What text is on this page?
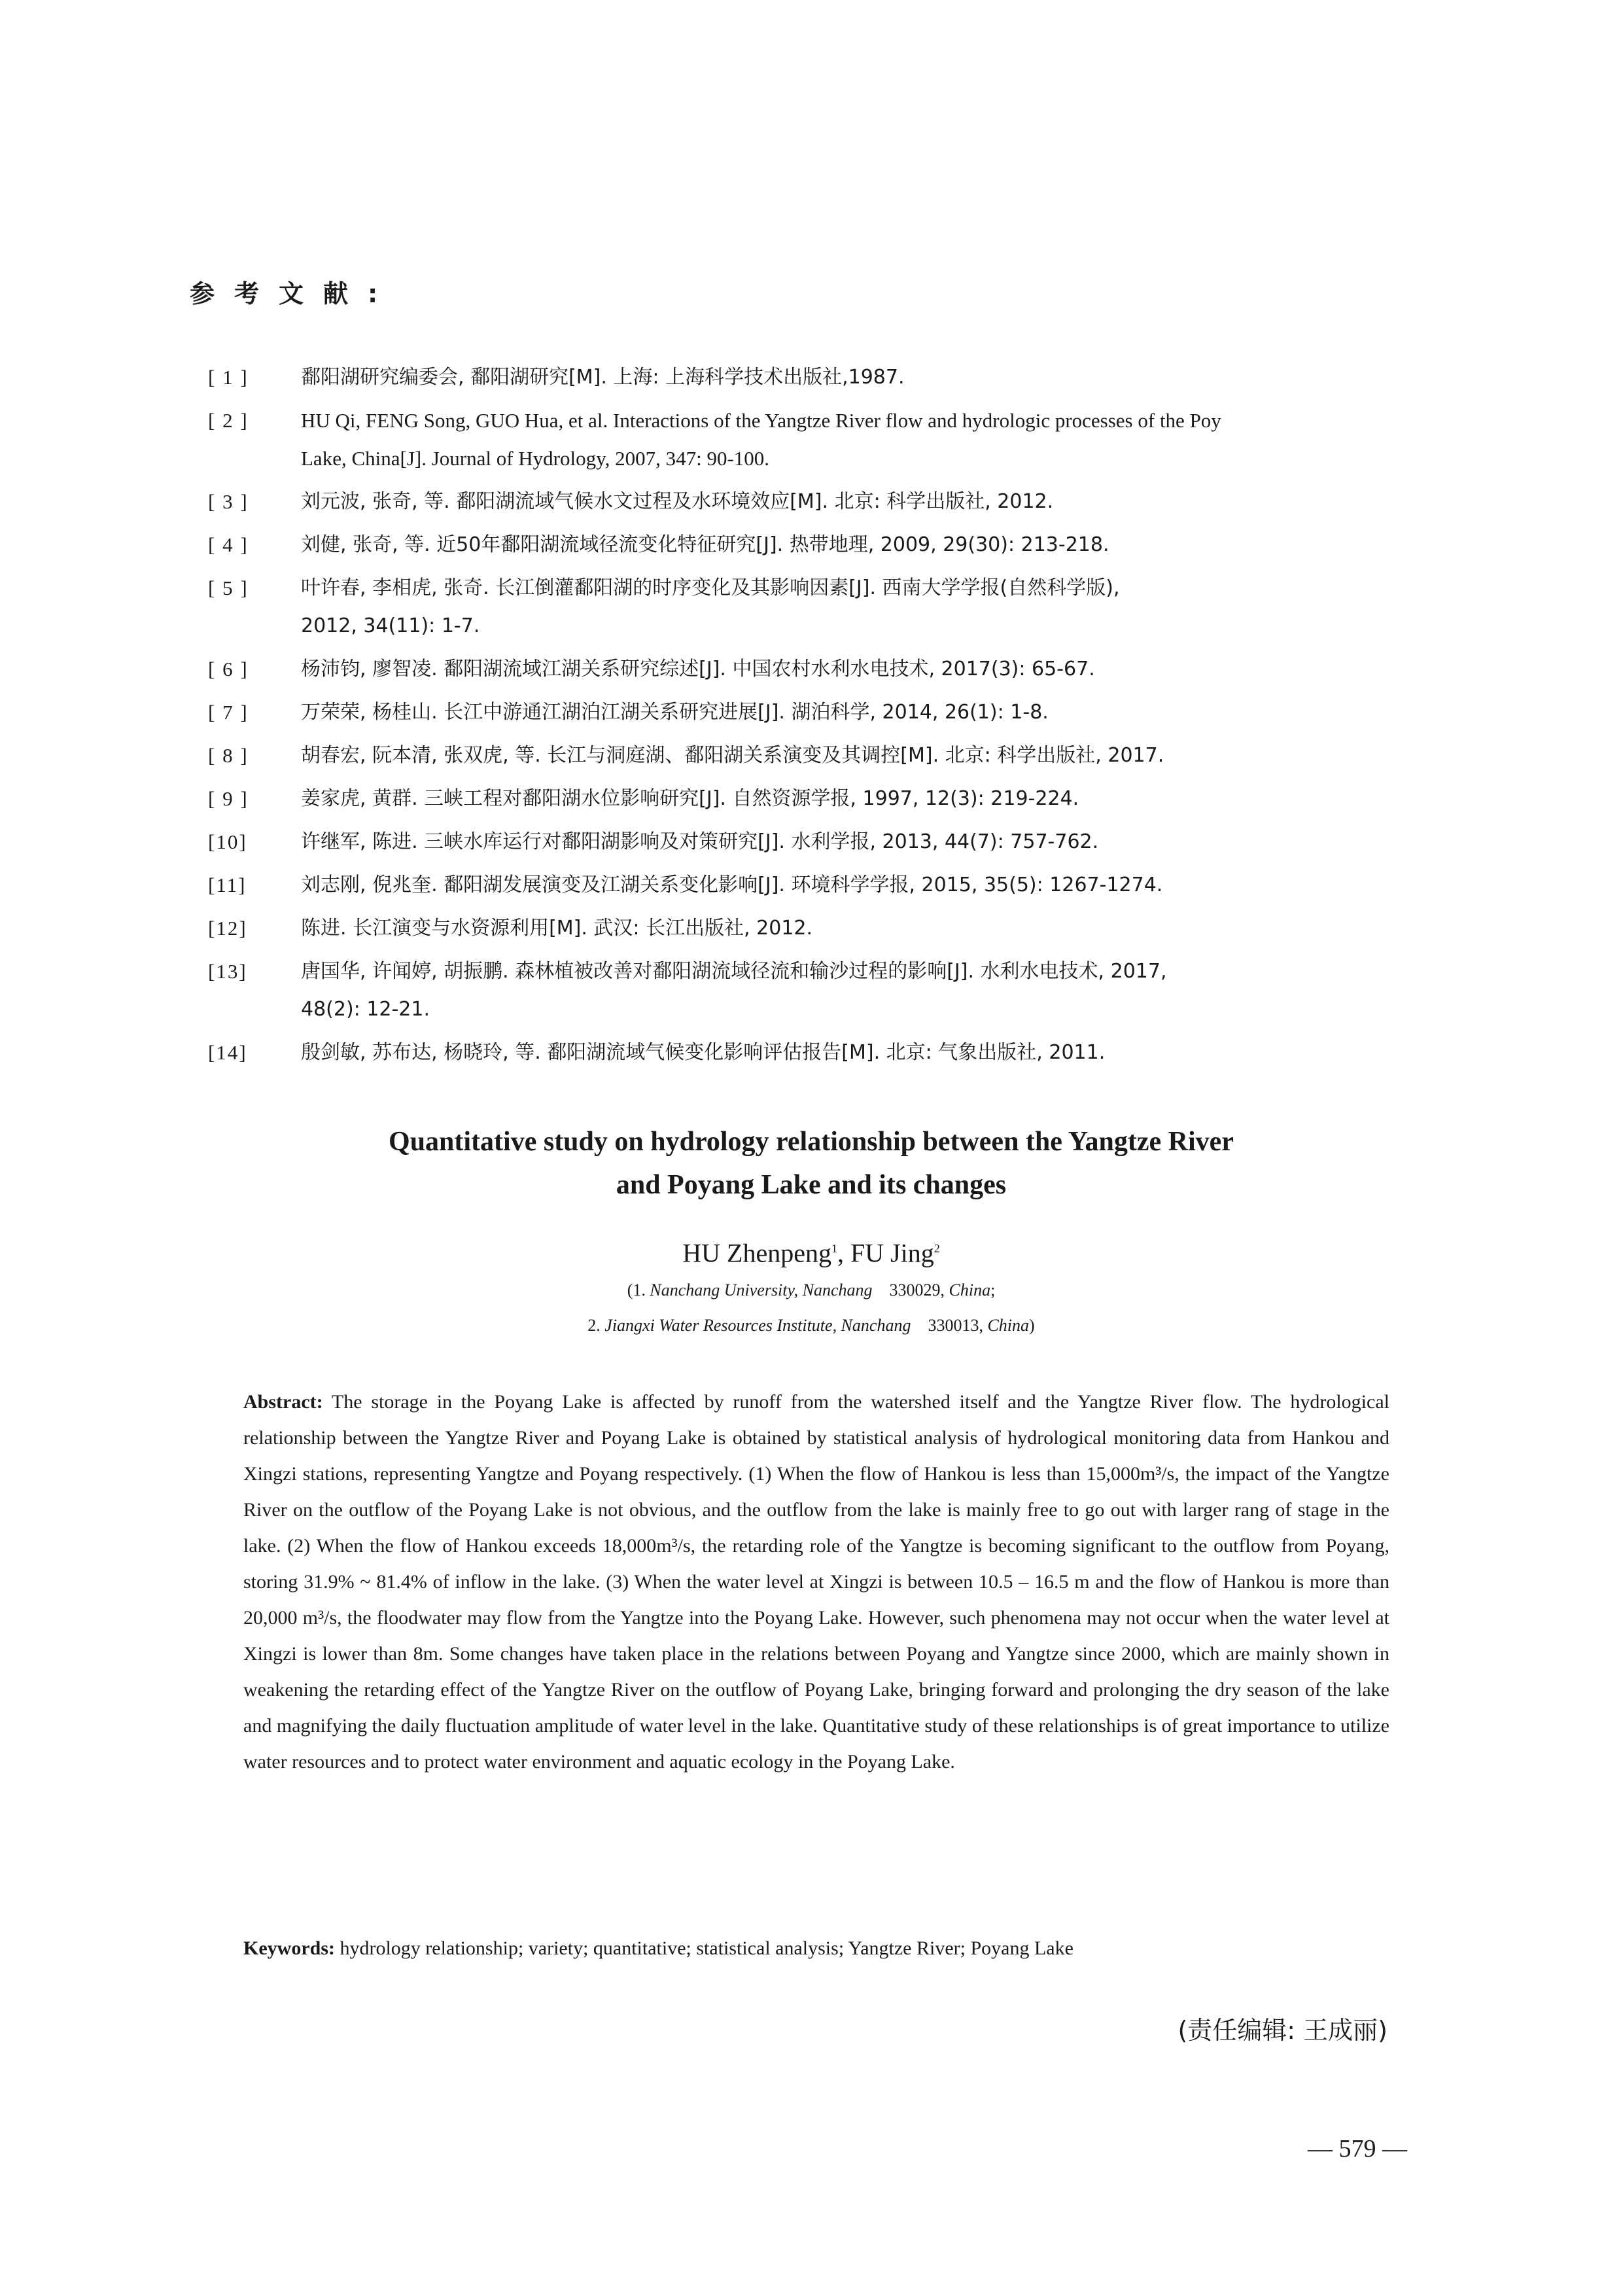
参考文献:
[ 1 ]	鄱阳湖研究编委会, 鄱阳湖研究[M]. 上海: 上海科学技术出版社,1987.
[ 2 ]	HU Qi, FENG Song, GUO Hua, et al. Interactions of the Yangtze River flow and hydrologic processes of the Poy
Lake, China[J]. Journal of Hydrology, 2007, 347: 90-100.
[ 3 ]	刘元波, 张奇, 等. 鄱阳湖流域气候水文过程及水环境效应[M]. 北京: 科学出版社, 2012.
[ 4 ]	刘健, 张奇, 等. 近50年鄱阳湖流域径流变化特征研究[J]. 热带地理, 2009, 29(30): 213-218.
[ 5 ]	叶许春, 李相虎, 张奇. 长江倒灌鄱阳湖的时序变化及其影响因素[J]. 西南大学学报(自然科学版),
2012, 34(11): 1-7.
[ 6 ]	杨沛钧, 廖智凌. 鄱阳湖流域江湖关系研究综述[J]. 中国农村水利水电技术, 2017(3): 65-67.
[ 7 ]	万荣荣, 杨桂山. 长江中游通江湖泊江湖关系研究进展[J]. 湖泊科学, 2014, 26(1): 1-8.
[ 8 ]	胡春宏, 阮本清, 张双虎, 等. 长江与洞庭湖、鄱阳湖关系演变及其调控[M]. 北京: 科学出版社, 2017.
[ 9 ]	姜家虎, 黄群. 三峡工程对鄱阳湖水位影响研究[J]. 自然资源学报, 1997, 12(3): 219-224.
[10]	许继军, 陈进. 三峡水库运行对鄱阳湖影响及对策研究[J]. 水利学报, 2013, 44(7): 757-762.
[11]	刘志刚, 倪兆奎. 鄱阳湖发展演变及江湖关系变化影响[J]. 环境科学学报, 2015, 35(5): 1267-1274.
[12]	陈进. 长江演变与水资源利用[M]. 武汉: 长江出版社, 2012.
[13]	唐国华, 许闻婷, 胡振鹏. 森林植被改善对鄱阳湖流域径流和输沙过程的影响[J]. 水利水电技术, 2017,
48(2): 12-21.
[14]	殷剑敏, 苏布达, 杨晓玲, 等. 鄱阳湖流域气候变化影响评估报告[M]. 北京: 气象出版社, 2011.
Quantitative study on hydrology relationship between the Yangtze River
and Poyang Lake and its changes
HU Zhenpeng$^1$, FU Jing$^2$
(1. Nanchang University, Nanchang 330029, China;
2. Jiangxi Water Resources Institute, Nanchang 330013, China)

Abstract: The storage in the Poyang Lake is affected by runoff from the watershed itself and the Yangtze River flow. The hydrological relationship between the Yangtze River and Poyang Lake is obtained by statistical analysis of hydrological monitoring data from Hankou and Xingzi stations, representing Yangtze and Poyang respectively. (1) When the flow of Hankou is less than 15,000m³/s, the impact of the Yangtze River on the outflow of the Poyang Lake is not obvious, and the outflow from the lake is mainly free to go out with larger rang of stage in the lake. (2) When the flow of Hankou exceeds 18,000m³/s, the retarding role of the Yangtze is becoming significant to the outflow from Poyang, storing 31.9% ~ 81.4% of inflow in the lake. (3) When the water level at Xingzi is between 10.5 – 16.5 m and the flow of Hankou is more than 20,000 m³/s, the floodwater may flow from the Yangtze into the Poyang Lake. However, such phenomena may not occur when the water level at Xingzi is lower than 8m. Some changes have taken place in the relations between Poyang and Yangtze since 2000, which are mainly shown in weakening the retarding effect of the Yangtze River on the outflow of Poyang Lake, bringing forward and prolonging the dry season of the lake and magnifying the daily fluctuation amplitude of water level in the lake. Quantitative study of these relationships is of great importance to utilize water resources and to protect water environment and aquatic ecology in the Poyang Lake.

Keywords: hydrology relationship; variety; quantitative; statistical analysis; Yangtze River; Poyang Lake

(责任编辑: 王成丽)
— 579 —
